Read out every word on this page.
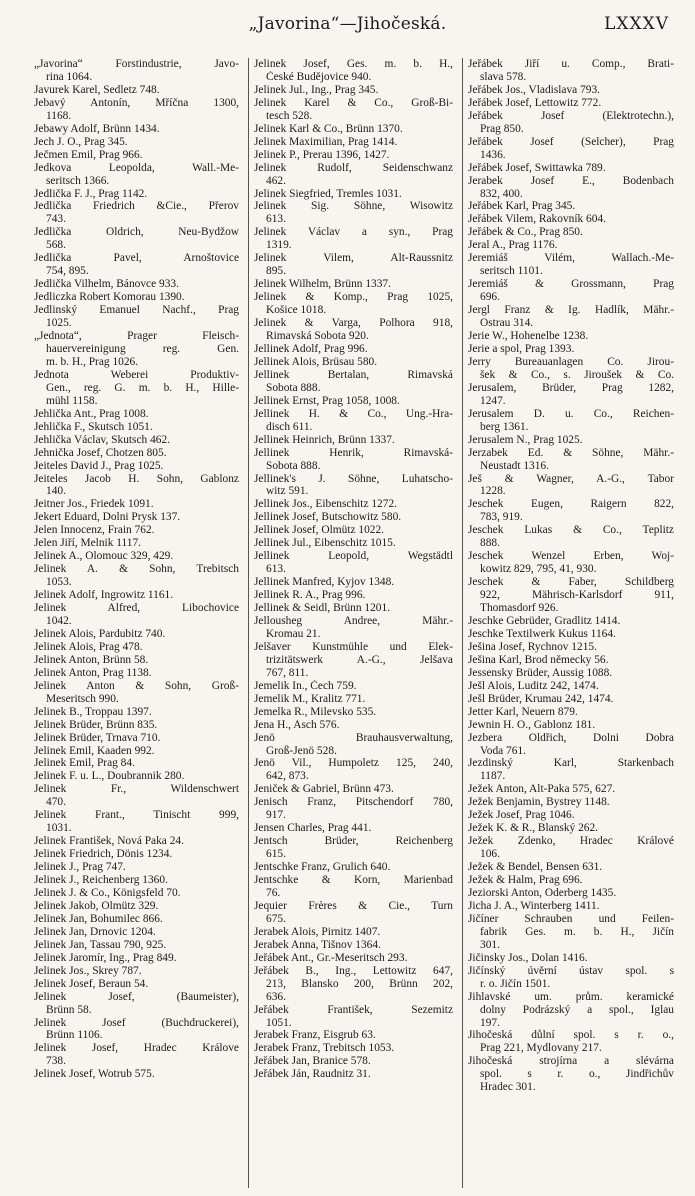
„Javorina“—Jihočeská.	LXXXV
„Javorina“ Forstindustrie, Javo-
rina 1064.
Javurek Karel, Sedletz 748.
Jebavý Antonín, Mříčna 1300,
1168.
Jebawy Adolf, Brünn 1434.
Jech J. O., Prag 345.
Ječmen Emil, Prag 966.
Jedkova Leopolda, Wall.-Me-
seritsch 1366.
Jedlička F. J., Prag 1142.
Jedlička Friedrich &Cie., Přerov
743.
Jedlička Oldrich, Neu-Bydžow
568.
Jedlička Pavel, Arnoštovice
754, 895.
Jedlička Vilhelm, Bánovce 933.
Jedliczka Robert Komorau 1390.
Jedlinský Emanuel Nachf., Prag
1025.
„Jednota“, Prager Fleisch-
hauervereinigung reg. Gen.
m. b. H., Prag 1026.
Jednota Weberei Produktiv-
Gen., reg. G. m. b. H., Hille-
mühl 1158.
Jehlička Ant., Prag 1008.
Jehlička F., Skutsch 1051.
Jehlička Václav, Skutsch 462.
Jehnička Josef, Chotzen 805.
Jeiteles David J., Prag 1025.
Jeiteles Jacob H. Sohn, Gablonz
140.
Jeitner Jos., Friedek 1091.
Jekert Eduard, Dolni Prysk 137.
Jelen Innocenz, Frain 762.
Jelen Jiří, Melnik 1117.
Jelinek A., Olomouc 329, 429.
Jelinek A. & Sohn, Trebitsch
1053.
Jelinek Adolf, Ingrowitz 1161.
Jelinek Alfred, Libochovice
1042.
Jelinek Alois, Pardubitz 740.
Jelinek Alois, Prag 478.
Jelinek Anton, Brünn 58.
Jelinek Anton, Prag 1138.
Jelinek Anton & Sohn, Groß-
Meseritsch 990.
Jelinek B., Troppau 1397.
Jelinek Brüder, Brünn 835.
Jelinek Brüder, Trnava 710.
Jelinek Emil, Kaaden 992.
Jelinek Emil, Prag 84.
Jelinek F. u. L., Doubrannik 280.
Jelinek Fr., Wildenschwert
470.
Jelinek Frant., Tinischt 999,
1031.
Jelinek František, Nová Paka 24.
Jelinek Friedrich, Dönis 1234.
Jelinek J., Prag 747.
Jelinek J., Reichenberg 1360.
Jelinek J. & Co., Königsfeld 70.
Jelinek Jakob, Olmütz 329.
Jelinek Jan, Bohumilec 866.
Jelinek Jan, Drnovic 1204.
Jelinek Jan, Tassau 790, 925.
Jelinek Jaromír, Ing., Prag 849.
Jelinek Jos., Skrey 787.
Jelinek Josef, Beraun 54.
Jelinek Josef, (Baumeister),
Brünn 58.
Jelinek Josef (Buchdruckerei),
Brünn 1106.
Jelinek Josef, Hradec Králove
738.
Jelinek Josef, Wotrub 575.
Jelinek Josef, Ges. m. b. H.,
České Budějovice 940.
Jelinek Jul., Ing., Prag 345.
Jelinek Karel & Co., Groß-Bi-
tesch 528.
Jelinek Karl & Co., Brünn 1370.
Jelinek Maximilian, Prag 1414.
Jelinek P., Prerau 1396, 1427.
Jelinek Rudolf, Seidenschwanz
462.
Jelinek Siegfried, Tremles 1031.
Jelinek Sig. Söhne, Wisowitz
613.
Jelinek Václav a syn., Prag
1319.
Jelinek Vilem, Alt-Raussnitz
895.
Jelinek Wilhelm, Brünn 1337.
Jelinek & Komp., Prag 1025,
Košice 1018.
Jelinek & Varga, Polhora 918,
Rimavská Sobota 920.
Jellinek Adolf, Prag 996.
Jellinek Alois, Brüsau 580.
Jellinek Bertalan, Rimavská
Sobota 888.
Jellinek Ernst, Prag 1058, 1008.
Jellinek H. & Co., Ung.-Hra-
disch 611.
Jellinek Heinrich, Brünn 1337.
Jellinek Henrik, Rimavská-
Sobota 888.
Jellinek's J. Söhne, Luhatscho-
witz 591.
Jellinek Jos., Eibenschitz 1272.
Jellinek Josef, Butschowitz 580.
Jellinek Josef, Olmütz 1022.
Jellinek Jul., Eibenschitz 1015.
Jellinek Leopold, Wegstädtl
613.
Jellinek Manfred, Kyjov 1348.
Jellinek R. A., Prag 996.
Jellinek & Seidl, Brünn 1201.
Jellousheg Andree, Mähr.-
Kromau 21.
Jelšaver Kunstmühle und Elek-
trizitätswerk A.-G., Jelšava
767, 811.
Jemelik In., Čech 759.
Jemelik M., Kralitz 771.
Jemelka R., Milevsko 535.
Jena H., Asch 576.
Jenö Brauhausverwaltung,
Groß-Jenö 528.
Jenö Vil., Humpoletz 125, 240,
642, 873.
Jeniček & Gabriel, Brünn 473.
Jenisch Franz, Pitschendorf 780,
917.
Jensen Charles, Prag 441.
Jentsch Brüder, Reichenberg
615.
Jentschke Franz, Grulich 640.
Jentschke & Korn, Marienbad
76.
Jequier Frères & Cie., Turn
675.
Jerabek Alois, Pirnitz 1407.
Jerabek Anna, Tišnov 1364.
Jeřábek Ant., Gr.-Meseritsch 293.
Jeřábek B., Ing., Lettowitz 647,
213, Blansko 200, Brünn 202,
636.
Jeřábek František, Sezemitz
1051.
Jerabek Franz, Eisgrub 63.
Jerabek Franz, Trebitsch 1053.
Jeřábek Jan, Branice 578.
Jeřábek Ján, Raudnitz 31.
Jeřábek Jiří u. Comp., Brati-
slava 578.
Jeřábek Jos., Vladislava 793.
Jeřábek Josef, Lettowitz 772.
Jeřábek Josef (Elektrotechn.),
Prag 850.
Jeřábek Josef (Selcher), Prag
1436.
Jeřábek Josef, Swittawka 789.
Jerabek Josef E., Bodenbach
832, 400.
Jeřábek Karl, Prag 345.
Jeřábek Vilem, Rakovník 604.
Jeřábek & Co., Prag 850.
Jeral A., Prag 1176.
Jeremiáš Vilém, Wallach.-Me-
seritsch 1101.
Jeremiáš & Grossmann, Prag
696.
Jergl Franz & Ig. Hadlík, Mähr.-
Ostrau 314.
Jerie W., Hohenelbe 1238.
Jerie a spol, Prag 1393.
Jerry Bureauanlagen Co. Jirou-
šek & Co., s. Jiroušek & Co.
Jerusalem, Brüder, Prag 1282,
1247.
Jerusalem D. u. Co., Reichen-
berg 1361.
Jerusalem N., Prag 1025.
Jerzabek Ed. & Söhne, Mähr.-
Neustadt 1316.
Ješ & Wagner, A.-G., Tabor
1228.
Jeschek Eugen, Raigern 822,
783, 919.
Jeschek Lukas & Co., Teplitz
888.
Jeschek Wenzel Erben, Woj-
kowitz 829, 795, 41, 930.
Jeschek & Faber, Schildberg
922, Mährisch-Karlsdorf 911,
Thomasdorf 926.
Jeschke Gebrüder, Gradlitz 1414.
Jeschke Textilwerk Kukus 1164.
Ješina Josef, Rychnov 1215.
Ješina Karl, Brod německy 56.
Jessensky Brüder, Aussig 1088.
Ješl Alois, Luditz 242, 1474.
Ješl Brüder, Krumau 242, 1474.
Jetter Karl, Neuern 879.
Jewnin H. O., Gablonz 181.
Jezbera Oldřich, Dolni Dobra
Voda 761.
Jezdinský Karl, Starkenbach
1187.
Ježek Anton, Alt-Paka 575, 627.
Ježek Benjamin, Bystrey 1148.
Ježek Josef, Prag 1046.
Ježek K. & R., Blanský 262.
Ježek Zdenko, Hradec Králové
106.
Ježek & Bendel, Bensen 631.
Ježek & Halm, Prag 696.
Jeziorski Anton, Oderberg 1435.
Jicha J. A., Winterberg 1411.
Jičíner Schrauben und Feilen-
fabrik Ges. m. b. H., Jičín
301.
Jičinsky Jos., Dolan 1416.
Jičínský úvěrní ústav spol. s
r. o. Jičín 1501.
Jihlavské um. prům. keramické
dolny Podrázský a spol., Iglau
197.
Jihočeská důlní spol. s r. o.,
Prag 221, Mydlovany 217.
Jihočeská strojírna a slévárna
spol. s r. o., Jindřichův
Hradec 301.
